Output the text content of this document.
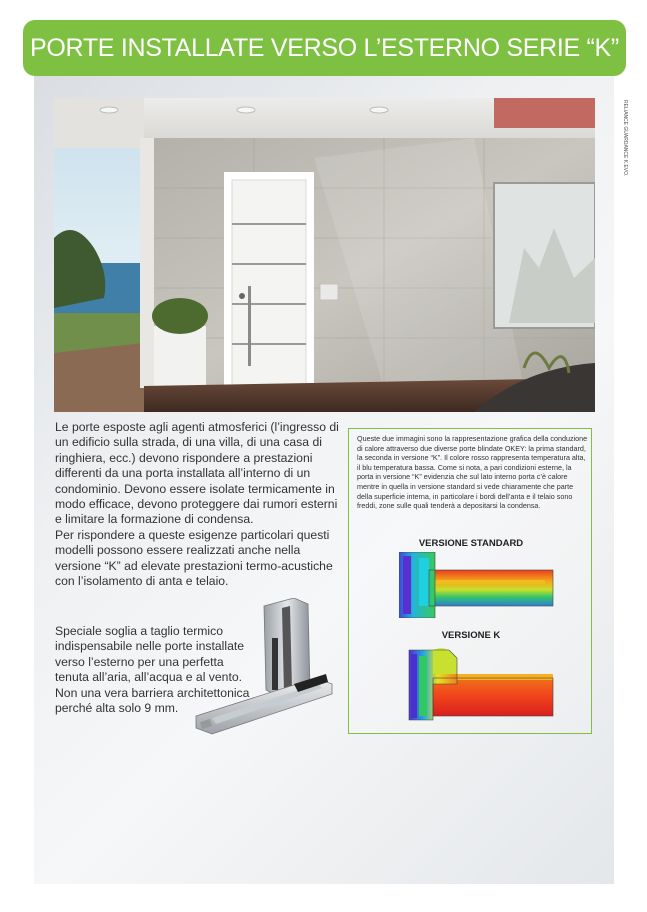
PORTE INSTALLATE VERSO L’ESTERNO SERIE “K”
RELIANCE GUARDANCE K.EVO.

Le porte esposte agli agenti atmosferici (l’ingresso di un edificio sulla strada, di una villa, di una casa di ringhiera, ecc.) devono rispondere a prestazioni differenti da una porta installata all’interno di un condominio. Devono essere isolate termicamente in modo efficace, devono proteggere dai rumori esterni e limitare la formazione di condensa.

Per rispondere a queste esigenze particolari questi modelli possono essere realizzati anche nella versione “K” ad elevate prestazioni termo-acustiche con l’isolamento di anta e telaio.

Speciale soglia a taglio termico indispensabile nelle porte installate verso l’esterno per una perfetta tenuta all’aria, all’acqua e al vento. Non una vera barriera architettonica perché alta solo 9 mm.
Queste due immagini sono la rappresentazione grafica della conduzione di calore attraverso due diverse porte blindate OKEY: la prima standard, la seconda in versione “K”. Il colore rosso rappresenta temperatura alta, il blu temperatura bassa. Come si nota, a pari condizioni esterne, la porta in versione “K” evidenzia che sul lato interno porta c’è calore mentre in quella in versione standard si vede chiaramente che parte della superficie interna, in particolare i bordi dell’anta e il telaio sono freddi, zone sulle quali tenderà a depositarsi la condensa.
VERSIONE STANDARD
VERSIONE K
